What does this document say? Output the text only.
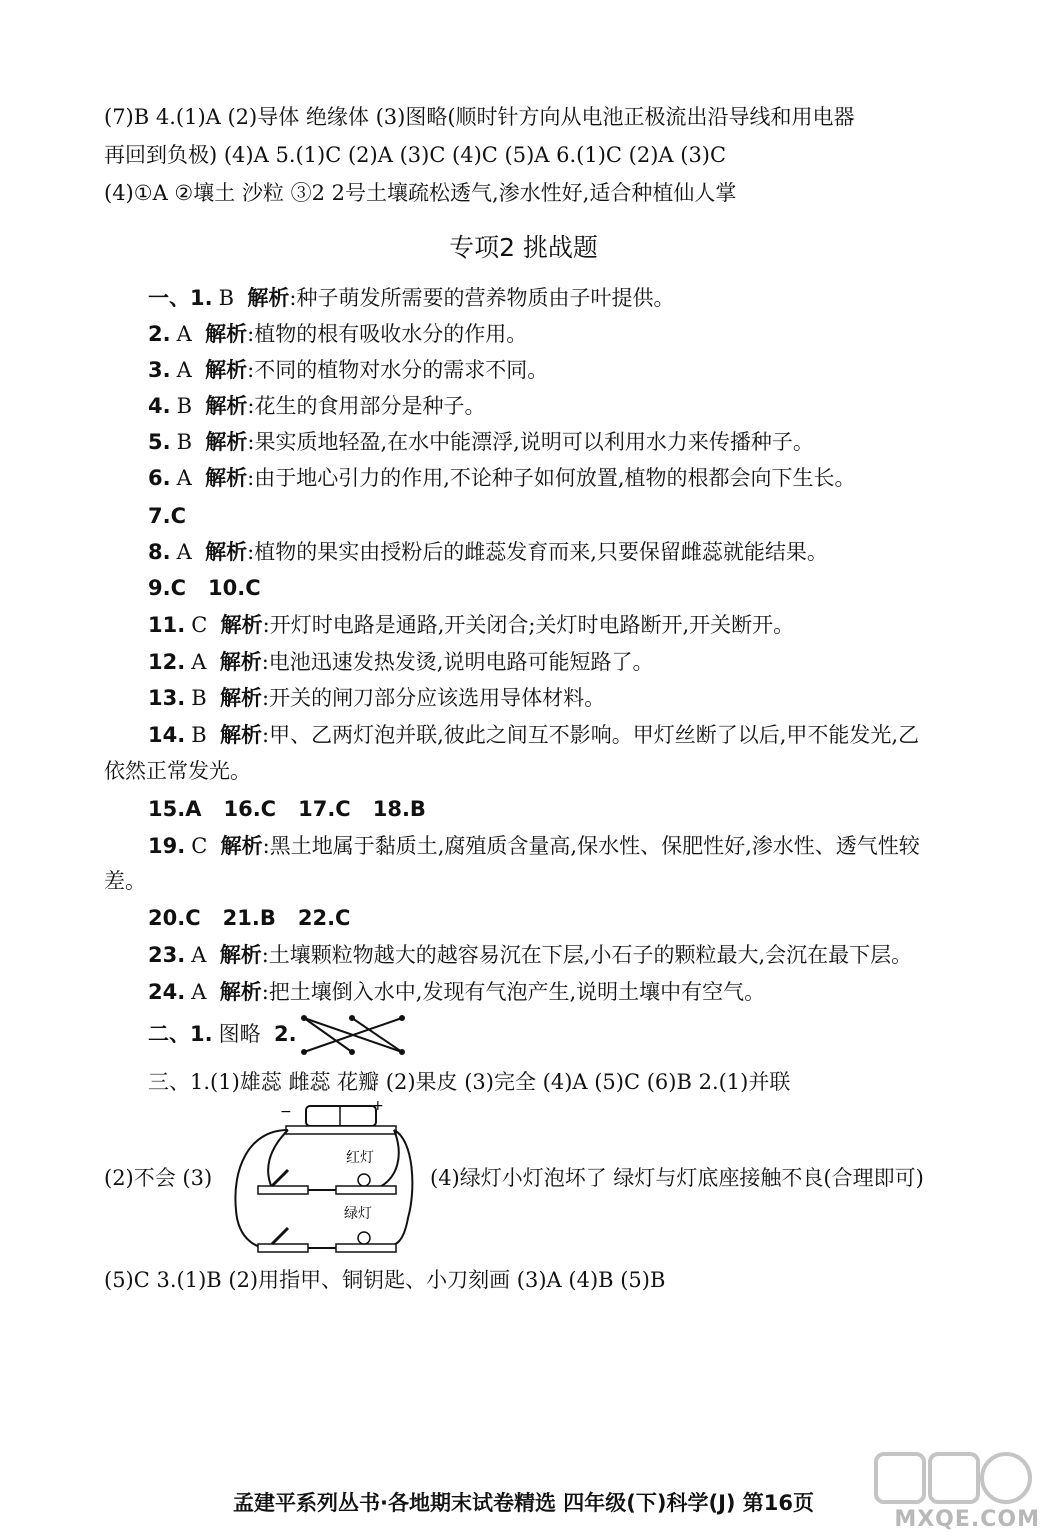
(7)B 4.(1)A (2)导体 绝缘体 (3)图略(顺时针方向从电池正极流出沿导线和用电器
再回到负极) (4)A 5.(1)C (2)A (3)C (4)C (5)A 6.(1)C (2)A (3)C
(4)①A ②壤土 沙粒 ③2 2号土壤疏松透气,渗水性好,适合种植仙人掌
专项2 挑战题
一、1. B 解析:种子萌发所需要的营养物质由子叶提供。
2. A 解析:植物的根有吸收水分的作用。
3. A 解析:不同的植物对水分的需求不同。
4. B 解析:花生的食用部分是种子。
5. B 解析:果实质地轻盈,在水中能漂浮,说明可以利用水力来传播种子。
6. A 解析:由于地心引力的作用,不论种子如何放置,植物的根都会向下生长。
7.C
8. A 解析:植物的果实由授粉后的雌蕊发育而来,只要保留雌蕊就能结果。
9.C 10.C
11. C 解析:开灯时电路是通路,开关闭合;关灯时电路断开,开关断开。
12. A 解析:电池迅速发热发烫,说明电路可能短路了。
13. B 解析:开关的闸刀部分应该选用导体材料。
14. B 解析:甲、乙两灯泡并联,彼此之间互不影响。甲灯丝断了以后,甲不能发光,乙
依然正常发光。
15.A 16.C 17.C 18.B
19. C 解析:黑土地属于黏质土,腐殖质含量高,保水性、保肥性好,渗水性、透气性较
差。
20.C 21.B 22.C
23. A 解析:土壤颗粒物越大的越容易沉在下层,小石子的颗粒最大,会沉在最下层。
24. A 解析:把土壤倒入水中,发现有气泡产生,说明土壤中有空气。
二、1. 图略 2.
三、1.(1)雄蕊 雌蕊 花瓣 (2)果皮 (3)完全 (4)A (5)C (6)B 2.(1)并联
(2)不会 (3)	(4)绿灯小灯泡坏了 绿灯与灯底座接触不良(合理即可)
−	+
红灯
绿灯
(5)C 3.(1)B (2)用指甲、铜钥匙、小刀刻画 (3)A (4)B (5)B
孟建平系列丛书·各地期末试卷精选 四年级(下)科学(J) 第16页
MXQE.COM
